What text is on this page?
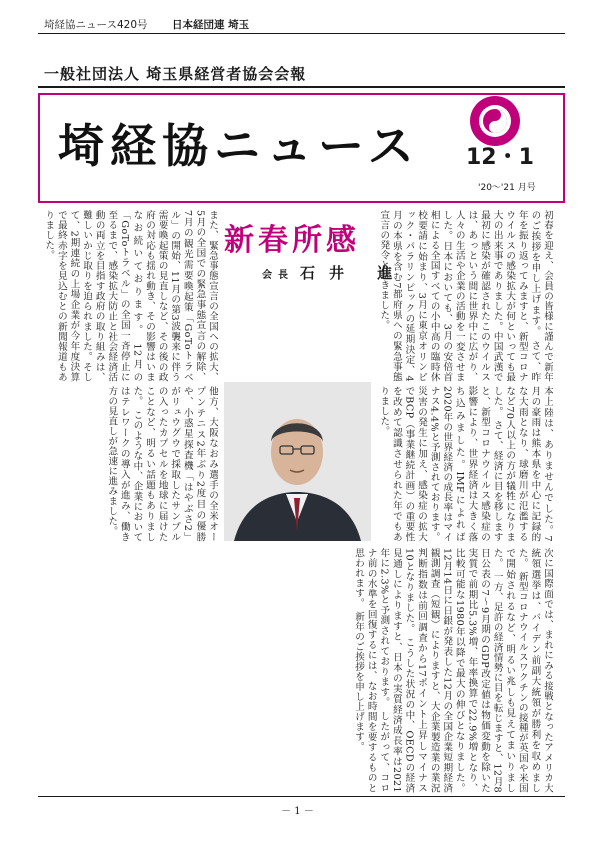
埼経協ニュース420号 日本経団連 埼玉
一般社団法人 埼玉県経営者協会会報
埼経協ニュース 12・1
'20〜'21 月号
新春所感
会長 石井 進	初春を迎え、会員の皆様に謹んで新年のご挨拶を申し上げます。 さて、昨年を振り返ってみますと、新型コロナウイルスの感染拡大が何といっても最大の出来事でありました。中国武漢で最初に感染が確認されたこのウイルスは、あっという間に世界中に広がり、人々の生活や企業の活動を一変させました。日本においても、3月の安倍首相による全国すべての小中高の臨時休校要請に始まり、3月に東京オリンピック・パラリンピックの延期決定、4月の本県を含む7都府県への緊急事態宣言の発令と続きました。
また、緊急事態宣言の全国への拡大、5月の全国での緊急事態宣言の解除、7月の観光需要喚起策「GoToトラベル」の開始、11月の第3波襲来に伴う需要喚起策の見直しなど、その後の政府の対応も揺れ動き、その影響はいまなお続いております。 12月の「GoToトラベル」の全国一斉停止に至るまで、感染拡大防止と社会経済活動の両立を目指す政府の取り組みは、難しいかじ取りを迫られました。そして、2期連続の上場企業が今年度決算で最終赤字を見込むとの新聞報道もありました。
他方、大阪なおみ選手の全米オープンテニス2年ぶり2度目の優勝や、小惑星探査機「はやぶさ2」がリュウグウで採取したサンプルの入ったカプセルを地球に届けたことなど、明るい話題もありました。 このような中、企業においてはテレワークの導入が進み、働き方の見直しが急速に進みました。	本上陸は、ありませんでした。7月の豪雨は熊本県を中心に記録的な大雨となり、球磨川が氾濫するなど70人以上の方が犠牲になりました。 さて、経済に目を移しますと、新型コロナウイルス感染症の影響により、世界経済は大きく落ち込みました。IMFによれば2020年の世界経済の成長率はマイナス4.4%と予測されております。 災害の発生に加え、感染症の拡大でBCP（事業継続計画）の重要性を改めて認識させられた年でもありました。
次に国際面では、まれにみる接戦となったアメリカ大統領選挙は、バイデン前副大統領が勝利を収めました。 新型コロナウイルスワクチンの接種が英国や米国で開始されるなど、明るい兆しも見えてまいりました。 一方、足許の経済情勢に目を転じますと、12月8日公表の7〜9月期のGDP改定値は物価変動を除いた実質で前期比5.3%増、年率換算で22.9%増となり、比較可能な1980年以降で最大の伸びとなりました。 12月14日に日銀が発表した12月の全国企業短期経済観測調査（短観）によりますと、大企業製造業の業況判断指数は前回調査から17ポイント上昇しマイナス10となりました。 こうした状況の中、OECDの経済見通しによりますと、日本の実質経済成長率は2021年に2.3%と予測されております。 したがって、コロナ前の水準を回復するには、なお時間を要するものと思われます。 新年のご挨拶を申し上げます。
－ 1 －
